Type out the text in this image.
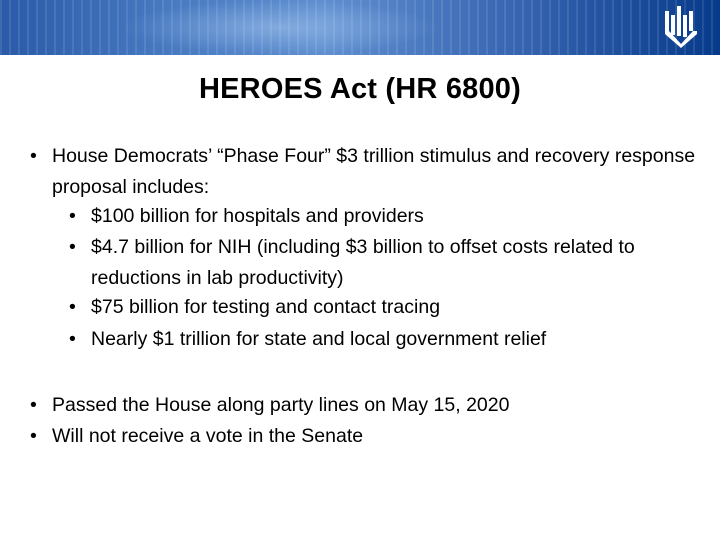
HEROES Act (HR 6800)
• House Democrats’ “Phase Four” $3 trillion stimulus and recovery response proposal includes:
• $100 billion for hospitals and providers
• $4.7 billion for NIH (including $3 billion to offset costs related to reductions in lab productivity)
• $75 billion for testing and contact tracing
• Nearly $1 trillion for state and local government relief
• Passed the House along party lines on May 15, 2020
• Will not receive a vote in the Senate
